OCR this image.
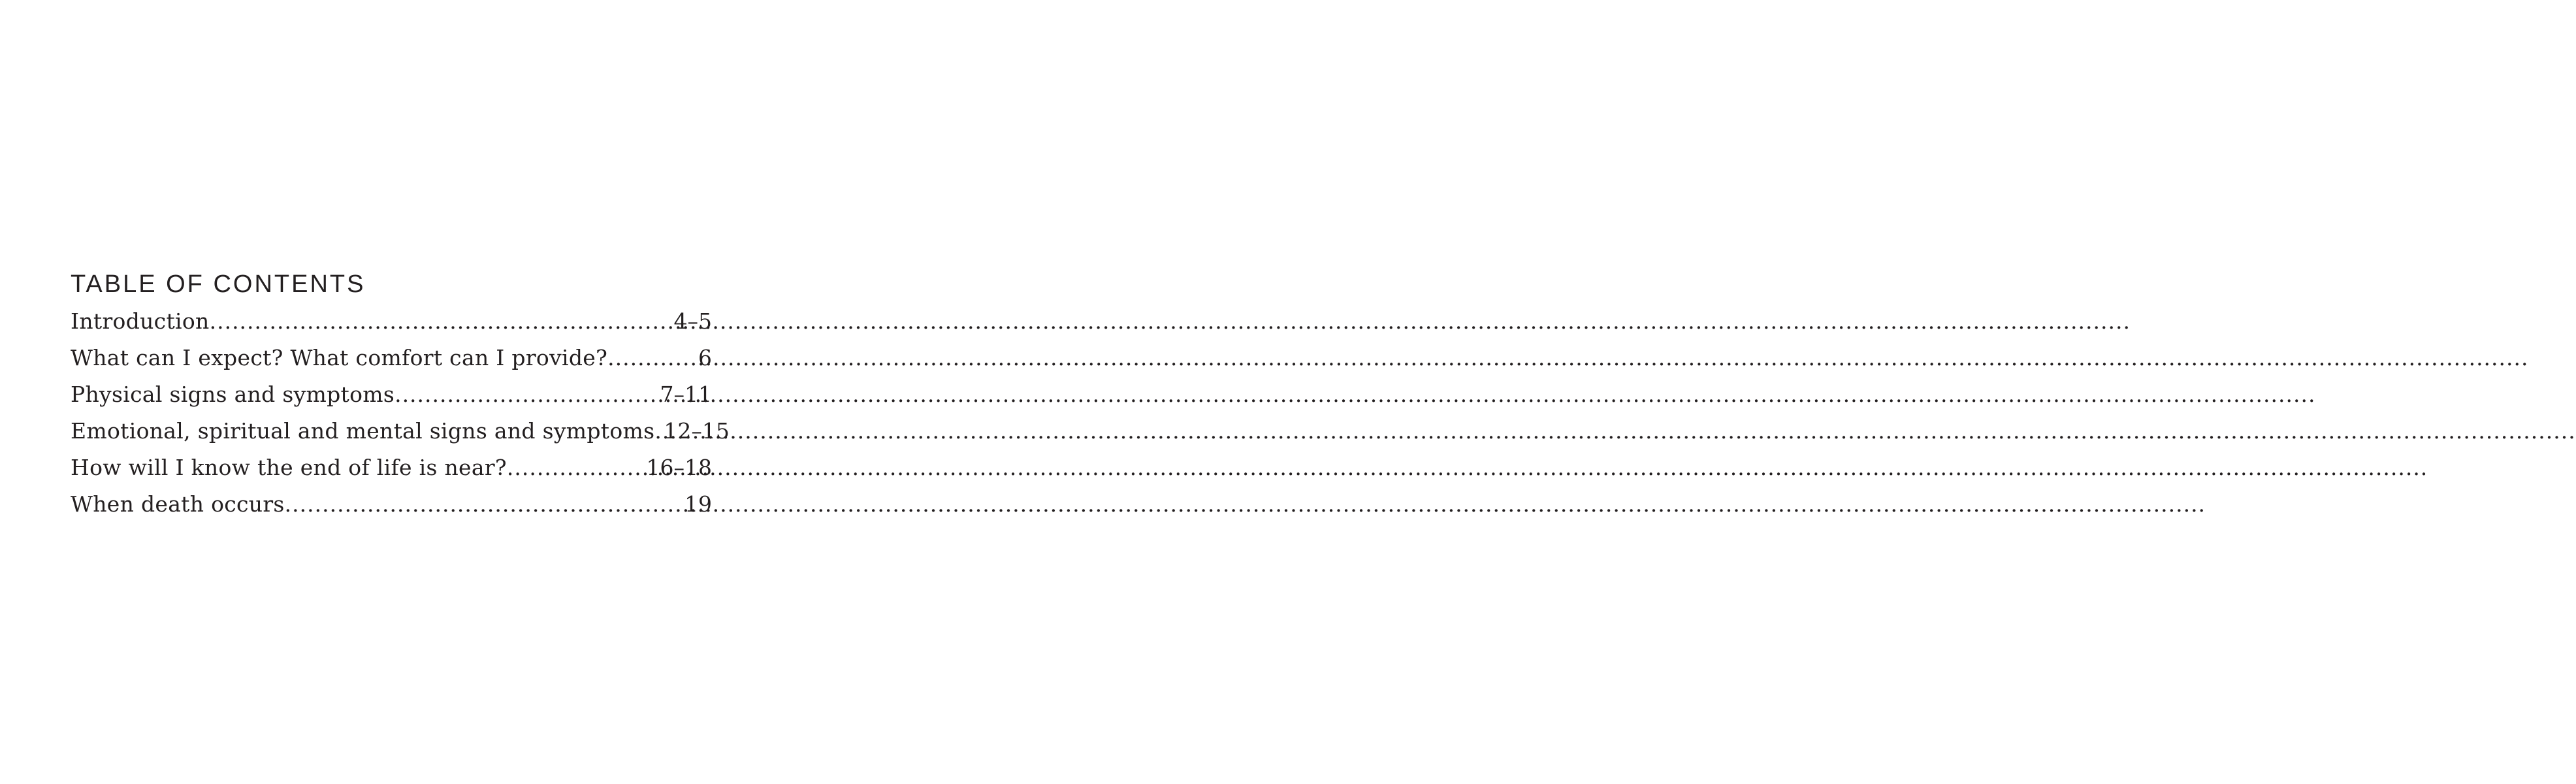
TABLE OF CONTENTS
Introduction .....	4–5
What can I expect? What comfort can I provide? .....	6
Physical signs and symptoms .....	7–11
Emotional, spiritual and mental signs and symptoms ..... 12–15
How will I know the end of life is near? .....	16–18
When death occurs .....	19
